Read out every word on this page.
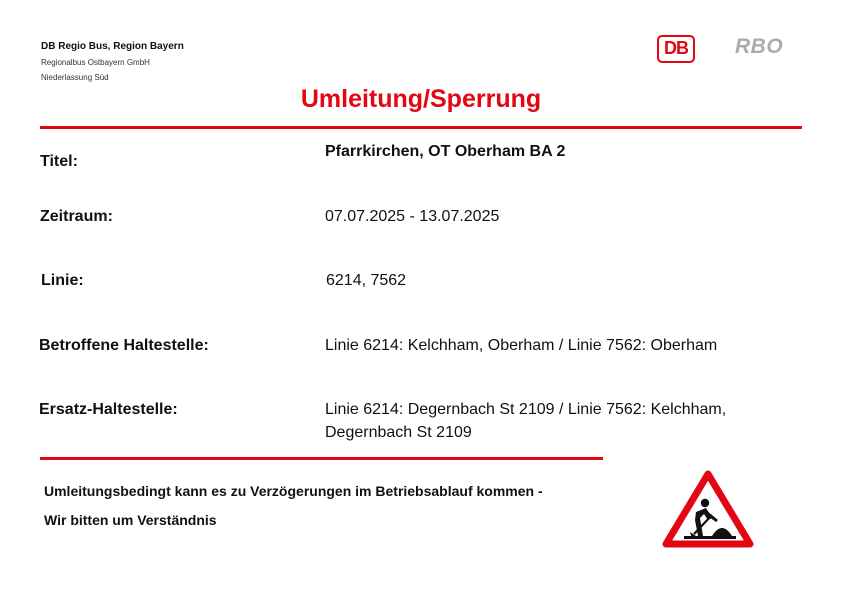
DB Regio Bus, Region Bayern
Regionalbus Ostbayern GmbH
Niederlassung Süd
DB	RBO
Umleitung/Sperrung
Titel:
Pfarrkirchen, OT Oberham BA 2
Zeitraum:	07.07.2025 - 13.07.2025
Linie:	6214, 7562
Betroffene Haltestelle:	Linie 6214: Kelchham, Oberham / Linie 7562: Oberham
Ersatz-Haltestelle:	Linie 6214: Degernbach St 2109 / Linie 7562: Kelchham,
Degernbach St 2109
Umleitungsbedingt kann es zu Verzögerungen im Betriebsablauf kommen -
Wir bitten um Verständnis
